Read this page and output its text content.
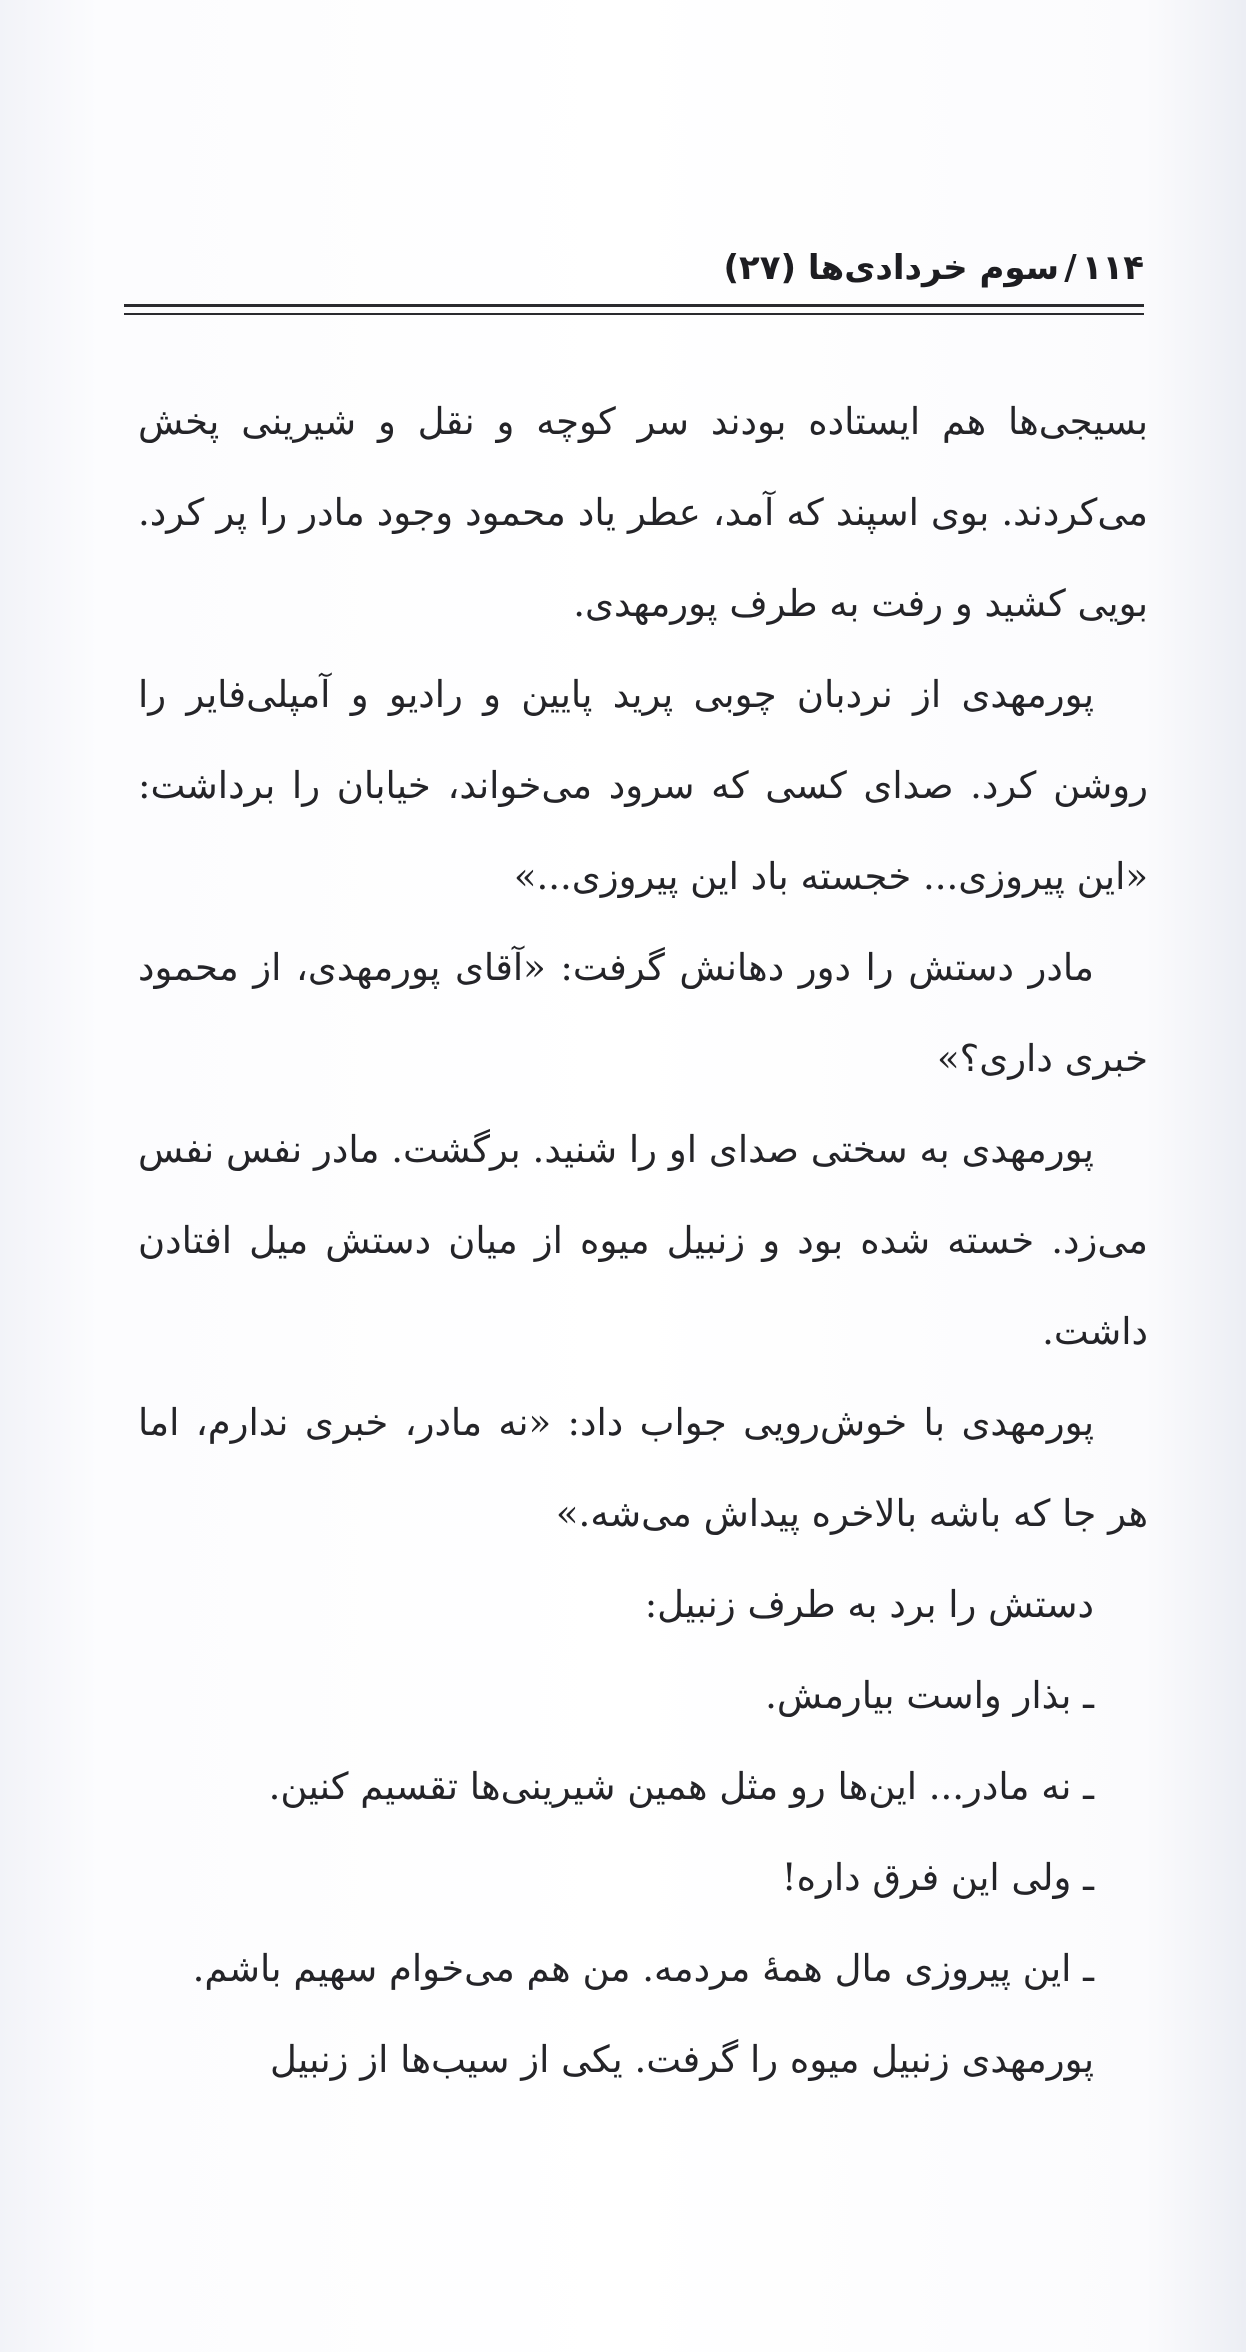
۱۱۴ / سوم خردادی‌ها (۲۷)

بسیجی‌ها هم ایستاده بودند سر کوچه و نقل و شیرینی پخش می‌کردند. بوی اسپند که آمد، عطر یاد محمود وجود مادر را پر کرد. بویی کشید و رفت به طرف پورمهدی.

پورمهدی از نردبان چوبی پرید پایین و رادیو و آمپلی‌فایر را روشن کرد. صدای کسی که سرود می‌خواند، خیابان را برداشت: «این پیروزی... خجسته باد این پیروزی...»

مادر دستش را دور دهانش گرفت: «آقای پورمهدی، از محمود خبری داری؟»

پورمهدی به سختی صدای او را شنید. برگشت. مادر نفس نفس می‌زد. خسته شده بود و زنبیل میوه از میان دستش میل افتادن داشت.

پورمهدی با خوش‌رویی جواب داد: «نه مادر، خبری ندارم، اما هر جا که باشه بالاخره پیداش می‌شه.»

دستش را برد به طرف زنبیل:

ـ بذار واست بیارمش.

ـ نه مادر... این‌ها رو مثل همین شیرینی‌ها تقسیم کنین.

ـ ولی این فرق داره!

ـ این پیروزی مال همهٔ مردمه. من هم می‌خوام سهیم باشم.

پورمهدی زنبیل میوه را گرفت. یکی از سیب‌ها از زنبیل
